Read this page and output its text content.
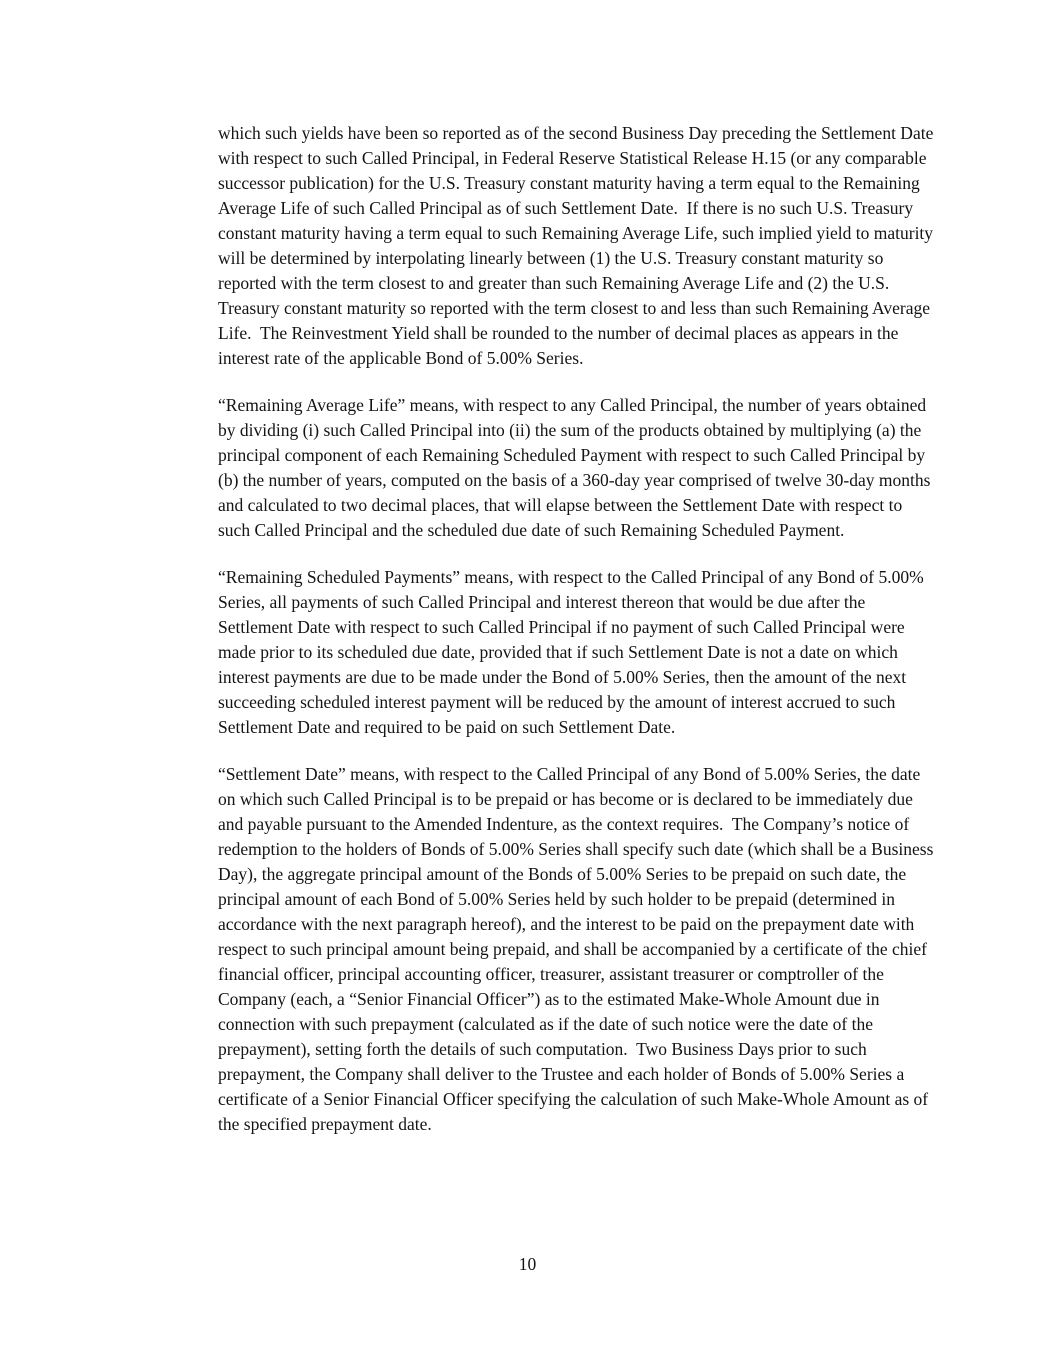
which such yields have been so reported as of the second Business Day preceding the Settlement Date with respect to such Called Principal, in Federal Reserve Statistical Release H.15 (or any comparable successor publication) for the U.S. Treasury constant maturity having a term equal to the Remaining Average Life of such Called Principal as of such Settlement Date.  If there is no such U.S. Treasury constant maturity having a term equal to such Remaining Average Life, such implied yield to maturity will be determined by interpolating linearly between (1) the U.S. Treasury constant maturity so reported with the term closest to and greater than such Remaining Average Life and (2) the U.S. Treasury constant maturity so reported with the term closest to and less than such Remaining Average Life.  The Reinvestment Yield shall be rounded to the number of decimal places as appears in the interest rate of the applicable Bond of 5.00% Series.

“Remaining Average Life” means, with respect to any Called Principal, the number of years obtained by dividing (i) such Called Principal into (ii) the sum of the products obtained by multiplying (a) the principal component of each Remaining Scheduled Payment with respect to such Called Principal by (b) the number of years, computed on the basis of a 360-day year comprised of twelve 30-day months and calculated to two decimal places, that will elapse between the Settlement Date with respect to such Called Principal and the scheduled due date of such Remaining Scheduled Payment.

“Remaining Scheduled Payments” means, with respect to the Called Principal of any Bond of 5.00% Series, all payments of such Called Principal and interest thereon that would be due after the Settlement Date with respect to such Called Principal if no payment of such Called Principal were made prior to its scheduled due date, provided that if such Settlement Date is not a date on which interest payments are due to be made under the Bond of 5.00% Series, then the amount of the next succeeding scheduled interest payment will be reduced by the amount of interest accrued to such Settlement Date and required to be paid on such Settlement Date.

“Settlement Date” means, with respect to the Called Principal of any Bond of 5.00% Series, the date on which such Called Principal is to be prepaid or has become or is declared to be immediately due and payable pursuant to the Amended Indenture, as the context requires.  The Company’s notice of redemption to the holders of Bonds of 5.00% Series shall specify such date (which shall be a Business Day), the aggregate principal amount of the Bonds of 5.00% Series to be prepaid on such date, the principal amount of each Bond of 5.00% Series held by such holder to be prepaid (determined in accordance with the next paragraph hereof), and the interest to be paid on the prepayment date with respect to such principal amount being prepaid, and shall be accompanied by a certificate of the chief financial officer, principal accounting officer, treasurer, assistant treasurer or comptroller of the Company (each, a “Senior Financial Officer”) as to the estimated Make-Whole Amount due in connection with such prepayment (calculated as if the date of such notice were the date of the prepayment), setting forth the details of such computation.  Two Business Days prior to such prepayment, the Company shall deliver to the Trustee and each holder of Bonds of 5.00% Series a certificate of a Senior Financial Officer specifying the calculation of such Make-Whole Amount as of the specified prepayment date.

10
